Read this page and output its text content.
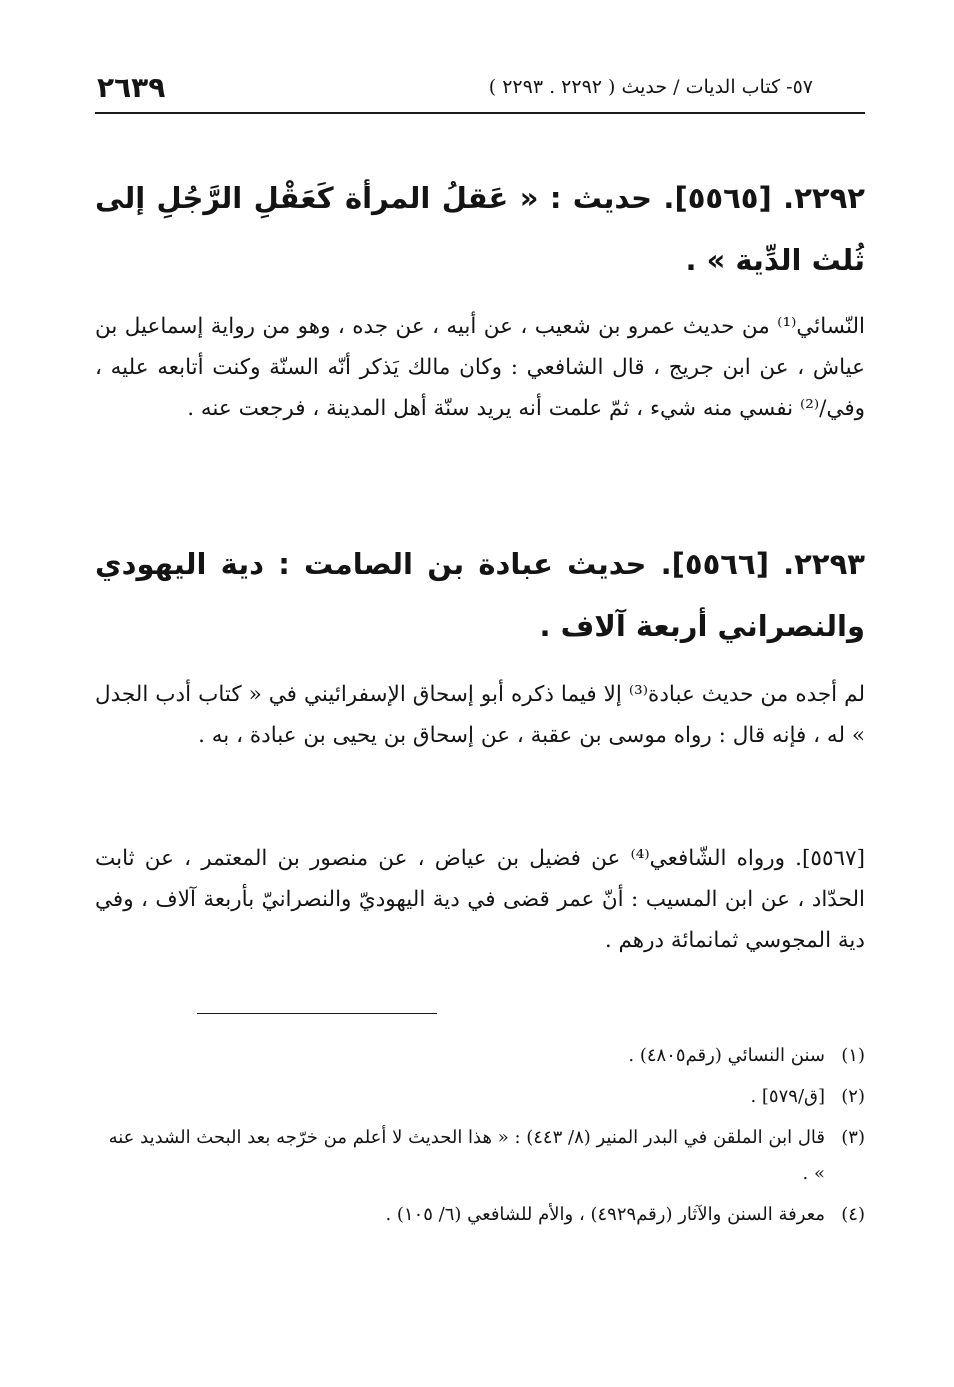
٢٦٣٩	٥٧- كتاب الديات / حديث ( ٢٢٩٢ . ٢٢٩٣ )
٢٢٩٢. [٥٥٦٥]. حديث : « عَقلُ المرأة كَعَقْلِ الرَّجُلِ إلى ثُلث الدِّية » .

النّسائي⁽¹⁾ من حديث عمرو بن شعيب ، عن أبيه ، عن جده ، وهو من رواية إسماعيل بن عياش ، عن ابن جريج ، قال الشافعي : وكان مالك يَذكر أنّه السنّة وكنت أتابعه عليه ، وفي/⁽²⁾ نفسي منه شيء ، ثمّ علمت أنه يريد سنّة أهل المدينة ، فرجعت عنه .

٢٢٩٣. [٥٥٦٦]. حديث عبادة بن الصامت : دية اليهودي والنصراني أربعة آلاف .

لم أجده من حديث عبادة⁽³⁾ إلا فيما ذكره أبو إسحاق الإسفرائيني في « كتاب أدب الجدل » له ، فإنه قال : رواه موسى بن عقبة ، عن إسحاق بن يحيى بن عبادة ، به .

[٥٥٦٧]. ورواه الشّافعي⁽⁴⁾ عن فضيل بن عياض ، عن منصور بن المعتمر ، عن ثابت الحدّاد ، عن ابن المسيب : أنّ عمر قضى في دية اليهوديّ والنصرانيّ بأربعة آلاف ، وفي دية المجوسي ثمانمائة درهم .

(١)
سنن النسائي (رقم٤٨٠٥) .
(٢)
[ق/٥٧٩] .
(٣)
قال ابن الملقن في البدر المنير (٨/ ٤٤٣) : « هذا الحديث لا أعلم من خرّجه بعد البحث الشديد عنه » .
(٤)
معرفة السنن والآثار (رقم٤٩٢٩) ، والأم للشافعي (٦/ ١٠٥) .
